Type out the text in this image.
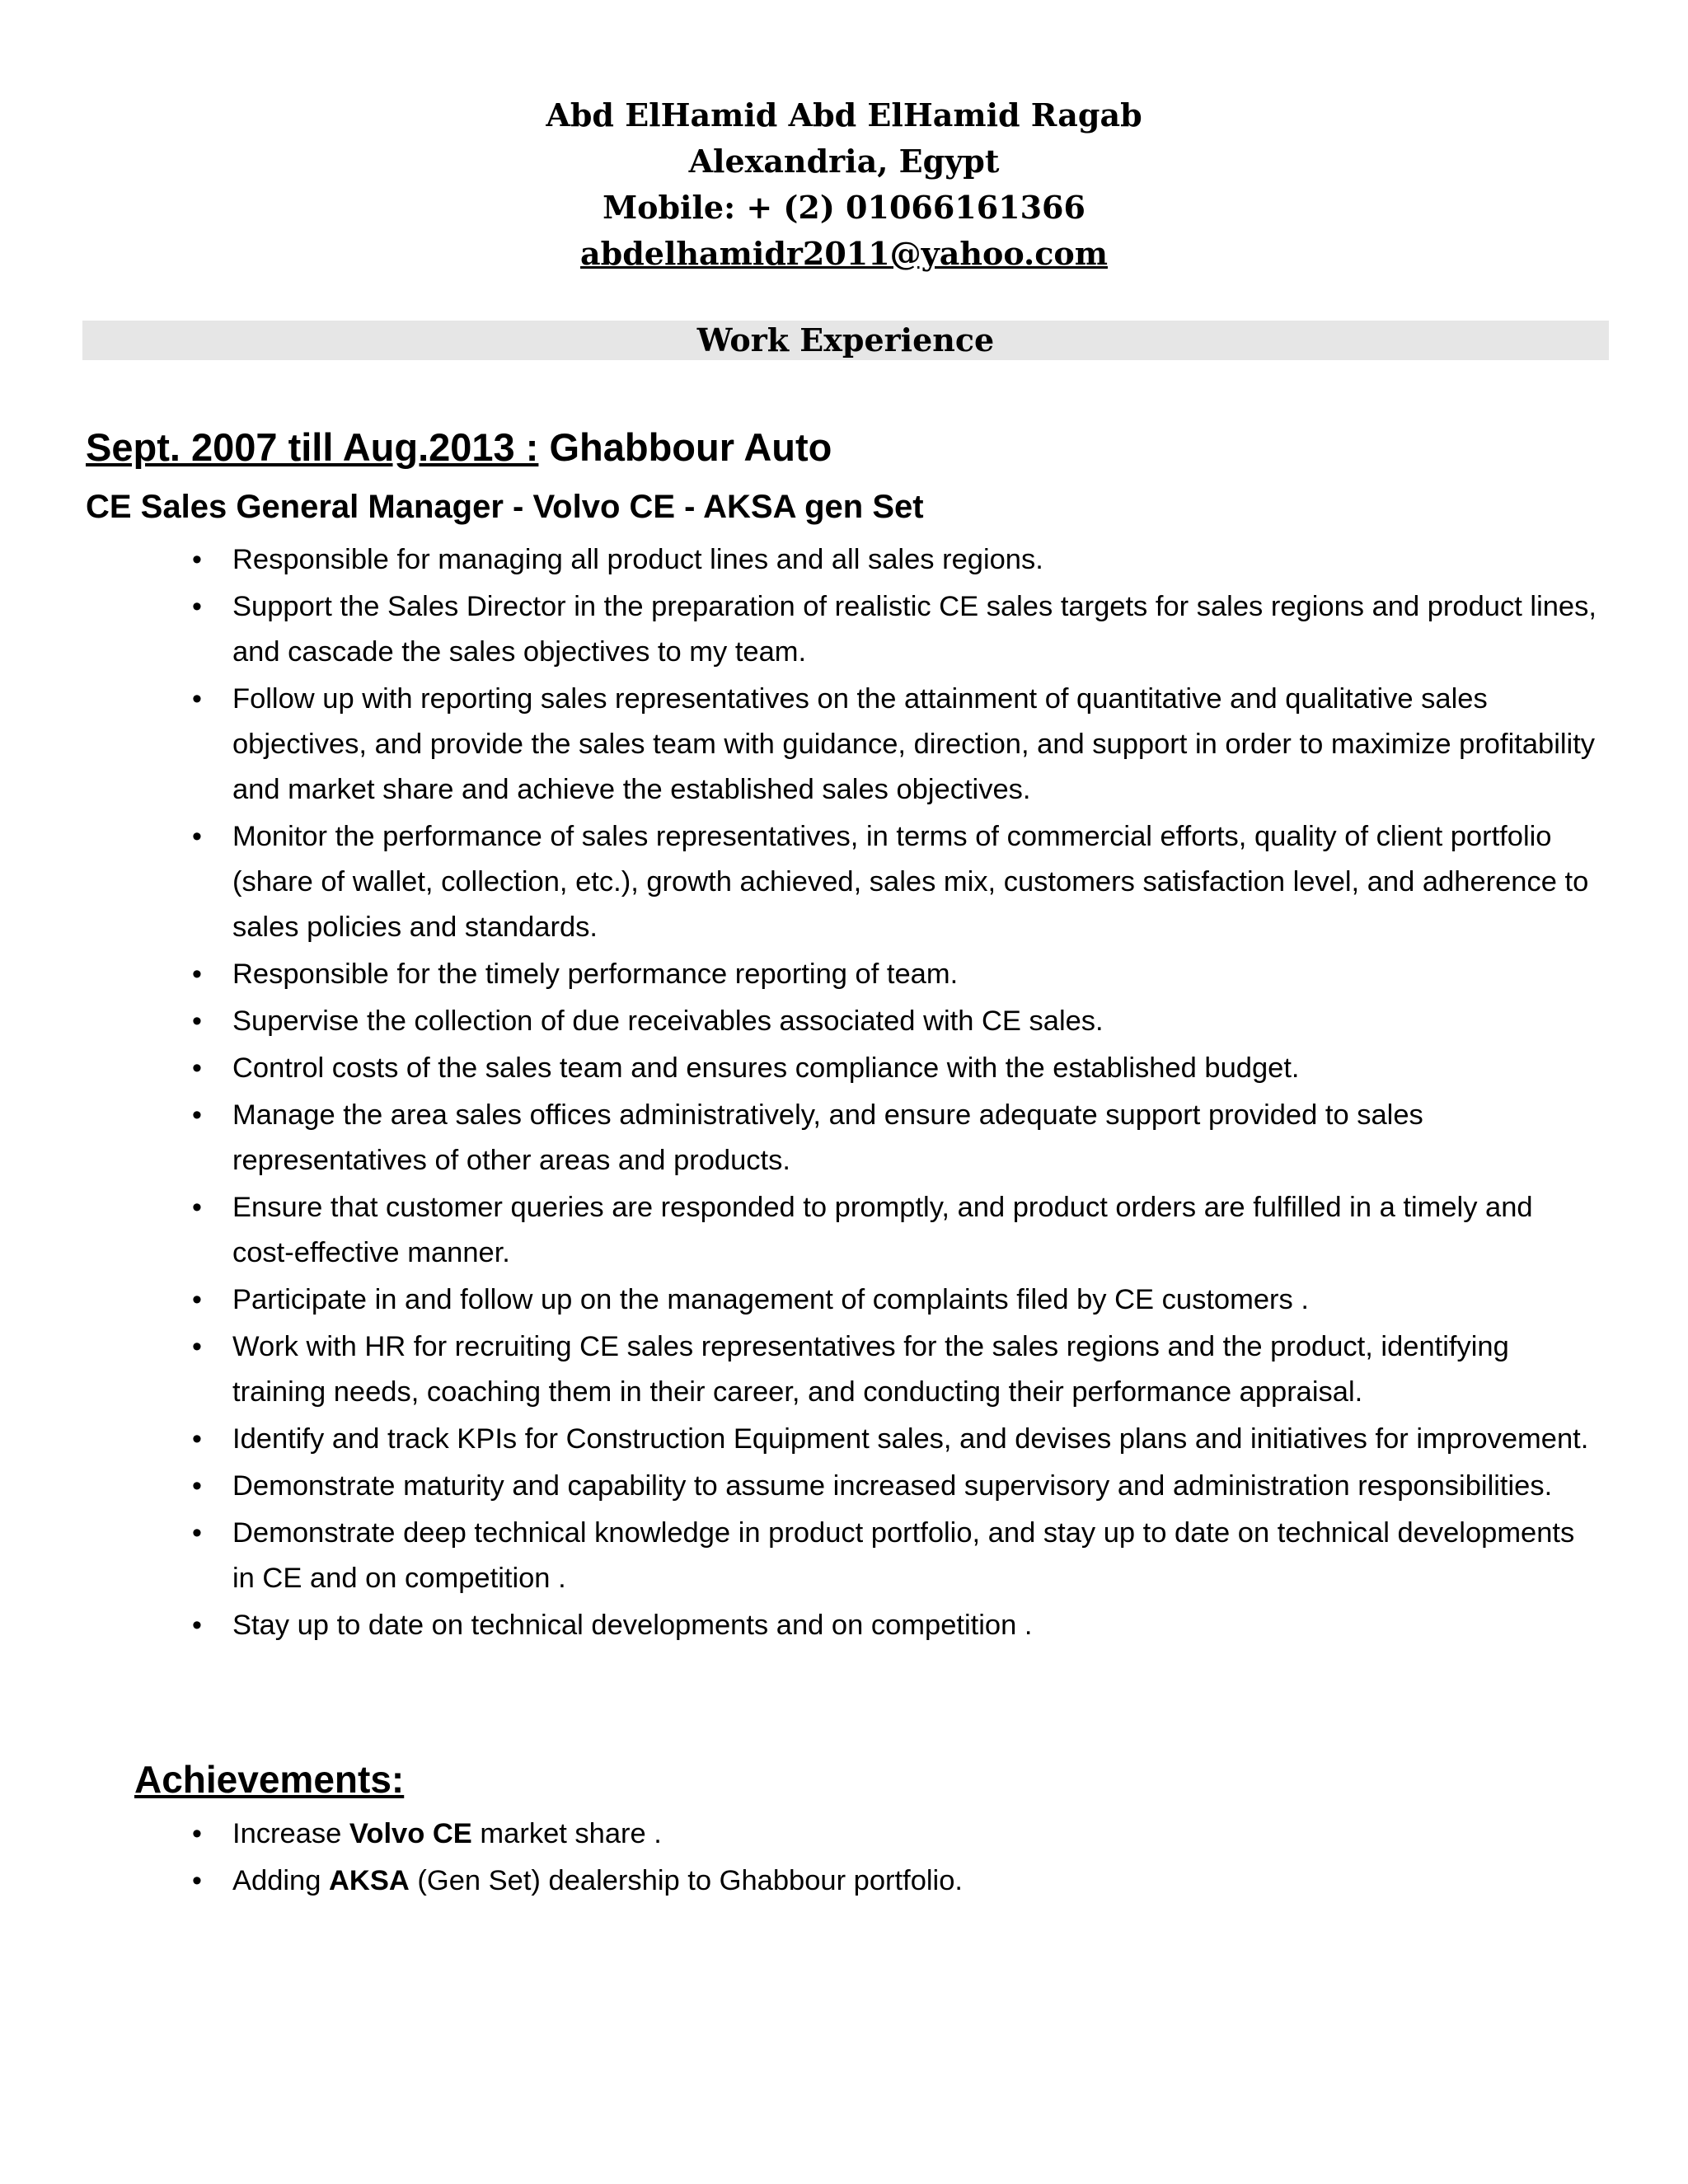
Abd ElHamid Abd ElHamid Ragab
Alexandria, Egypt
Mobile: + (2) 01066161366
abdelhamidr2011@yahoo.com
Work Experience
Sept. 2007 till Aug.2013 : Ghabbour Auto
CE Sales General Manager - Volvo CE - AKSA gen Set
• Responsible for managing all product lines and all sales regions.
• Support the Sales Director in the preparation of realistic CE sales targets for sales regions and product lines, and cascade the sales objectives to my team.
• Follow up with reporting sales representatives on the attainment of quantitative and qualitative sales objectives, and provide the sales team with guidance, direction, and support in order to maximize profitability and market share and achieve the established sales objectives.
• Monitor the performance of sales representatives, in terms of commercial efforts, quality of client portfolio (share of wallet, collection, etc.), growth achieved, sales mix, customers satisfaction level, and adherence to sales policies and standards.
• Responsible for the timely performance reporting of team.
• Supervise the collection of due receivables associated with CE sales.
• Control costs of the sales team and ensures compliance with the established budget.
• Manage the area sales offices administratively, and ensure adequate support provided to sales representatives of other areas and products.
• Ensure that customer queries are responded to promptly, and product orders are fulfilled in a timely and cost-effective manner.
• Participate in and follow up on the management of complaints filed by CE customers .
• Work with HR for recruiting CE sales representatives for the sales regions and the product, identifying training needs, coaching them in their career, and conducting their performance appraisal.
• Identify and track KPIs for Construction Equipment sales, and devises plans and initiatives for improvement.
• Demonstrate maturity and capability to assume increased supervisory and administration responsibilities.
• Demonstrate deep technical knowledge in product portfolio, and stay up to date on technical developments in CE and on competition .
• Stay up to date on technical developments and on competition .
Achievements:
• Increase Volvo CE market share .
• Adding AKSA (Gen Set) dealership to Ghabbour portfolio.
